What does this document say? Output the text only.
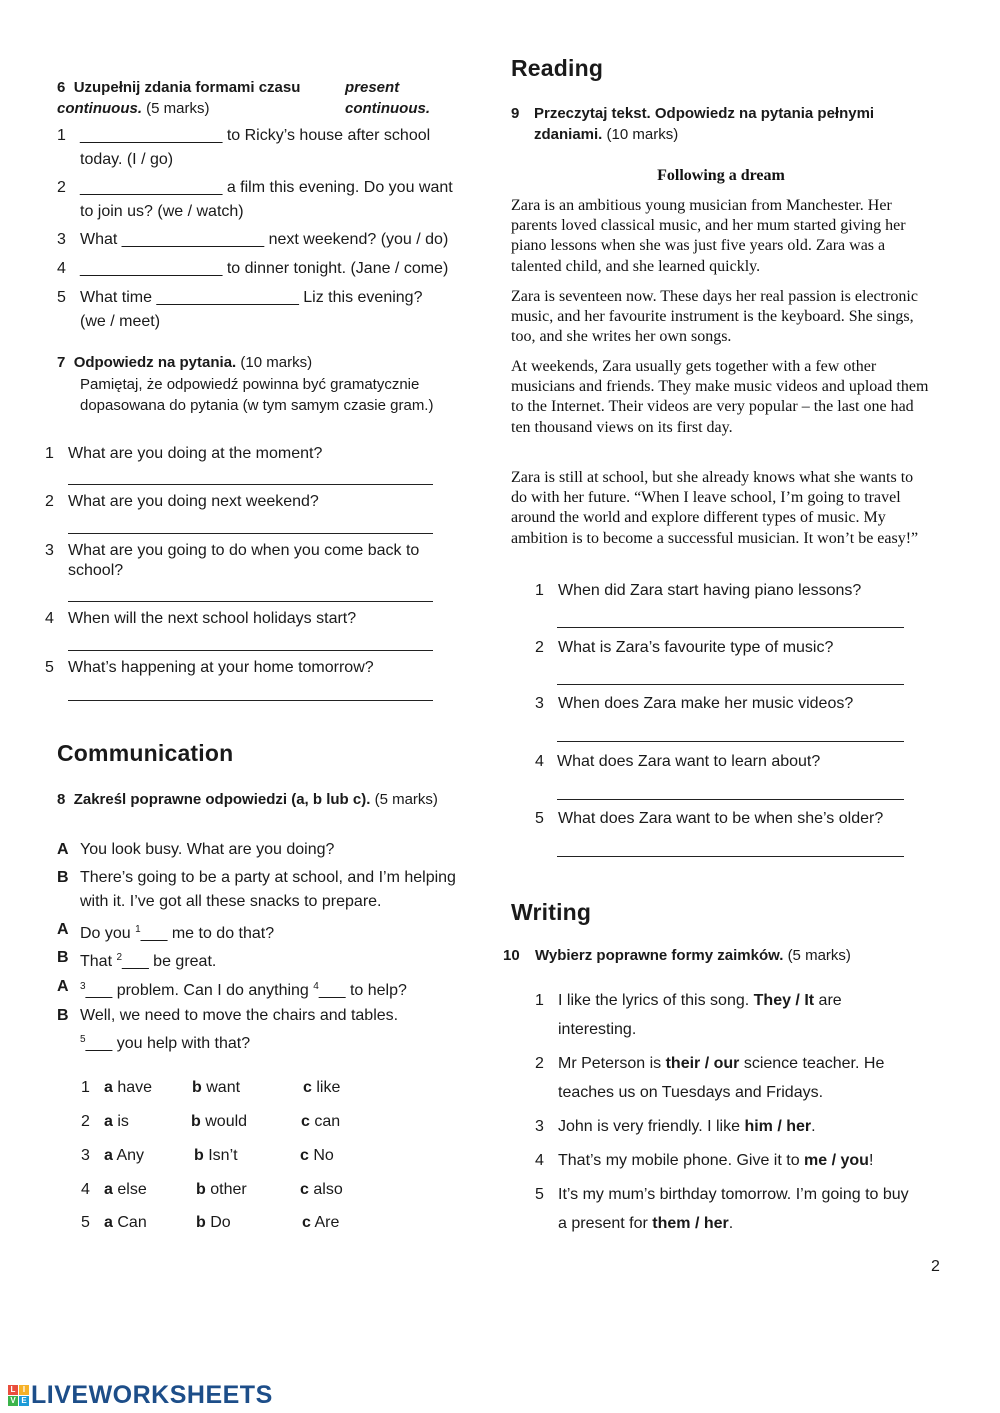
6 Uzupełnij zdania formami czasu	present continuous.
continuous. (5 marks)
1 ________________ to Ricky’s house after school
today. (I / go)
2 ________________ a film this evening. Do you want
to join us? (we / watch)
3 What ________________ next weekend? (you / do)
4 ________________ to dinner tonight. (Jane / come)
5 What time ________________ Liz this evening?
(we / meet)
7 Odpowiedz na pytania. (10 marks)
Pamiętaj, że odpowiedź powinna być gramatycznie
dopasowana do pytania (w tym samym czasie gram.)
1 What are you doing at the moment?
2 What are you doing next weekend?
3 What are you going to do when you come back to
school?
4 When will the next school holidays start?
5 What’s happening at your home tomorrow?
Communication
8 Zakreśl poprawne odpowiedzi (a, b lub c). (5 marks)
A You look busy. What are you doing?
B There’s going to be a party at school, and I’m helping
with it. I’ve got all these snacks to prepare.
A Do you $^1$___ me to do that?
B That $^2$___ be great.
A $^3$___ problem. Can I do anything $^4$___ to help?
B Well, we need to move the chairs and tables.
$^5$___ you help with that?
1 a have b want	c like
2 a is	b would	c can
3 a Any	b Isn’t	c No
4 a else	b other	c also
5 a Can	b Do	c Are
Reading
9 Przeczytaj tekst. Odpowiedz na pytania pełnymi
zdaniami. (10 marks)
Following a dream

Zara is an ambitious young musician from Manchester. Her parents loved classical music, and her mum started giving her piano lessons when she was just five years old. Zara was a talented child, and she learned quickly.

Zara is seventeen now. These days her real passion is electronic music, and her favourite instrument is the keyboard. She sings, too, and she writes her own songs.

At weekends, Zara usually gets together with a few other musicians and friends. They make music videos and upload them to the Internet. Their videos are very popular – the last one had ten thousand views on its first day.

Zara is still at school, but she already knows what she wants to do with her future. “When I leave school, I’m going to travel around the world and explore different types of music. My ambition is to become a successful musician. It won’t be easy!”

1 When did Zara start having piano lessons?
2 What is Zara’s favourite type of music?
3 When does Zara make her music videos?
4 What does Zara want to learn about?
5 What does Zara want to be when she’s older?
Writing
10 Wybierz poprawne formy zaimków. (5 marks)
1 I like the lyrics of this song. They / It are
interesting.
2 Mr Peterson is their / our science teacher. He
teaches us on Tuesdays and Fridays.
3 John is very friendly. I like him / her.
4 That’s my mobile phone. Give it to me / you!
5 It’s my mum’s birthday tomorrow. I’m going to buy
a present for them / her.
2
L I
V E LIVEWORKSHEETS
